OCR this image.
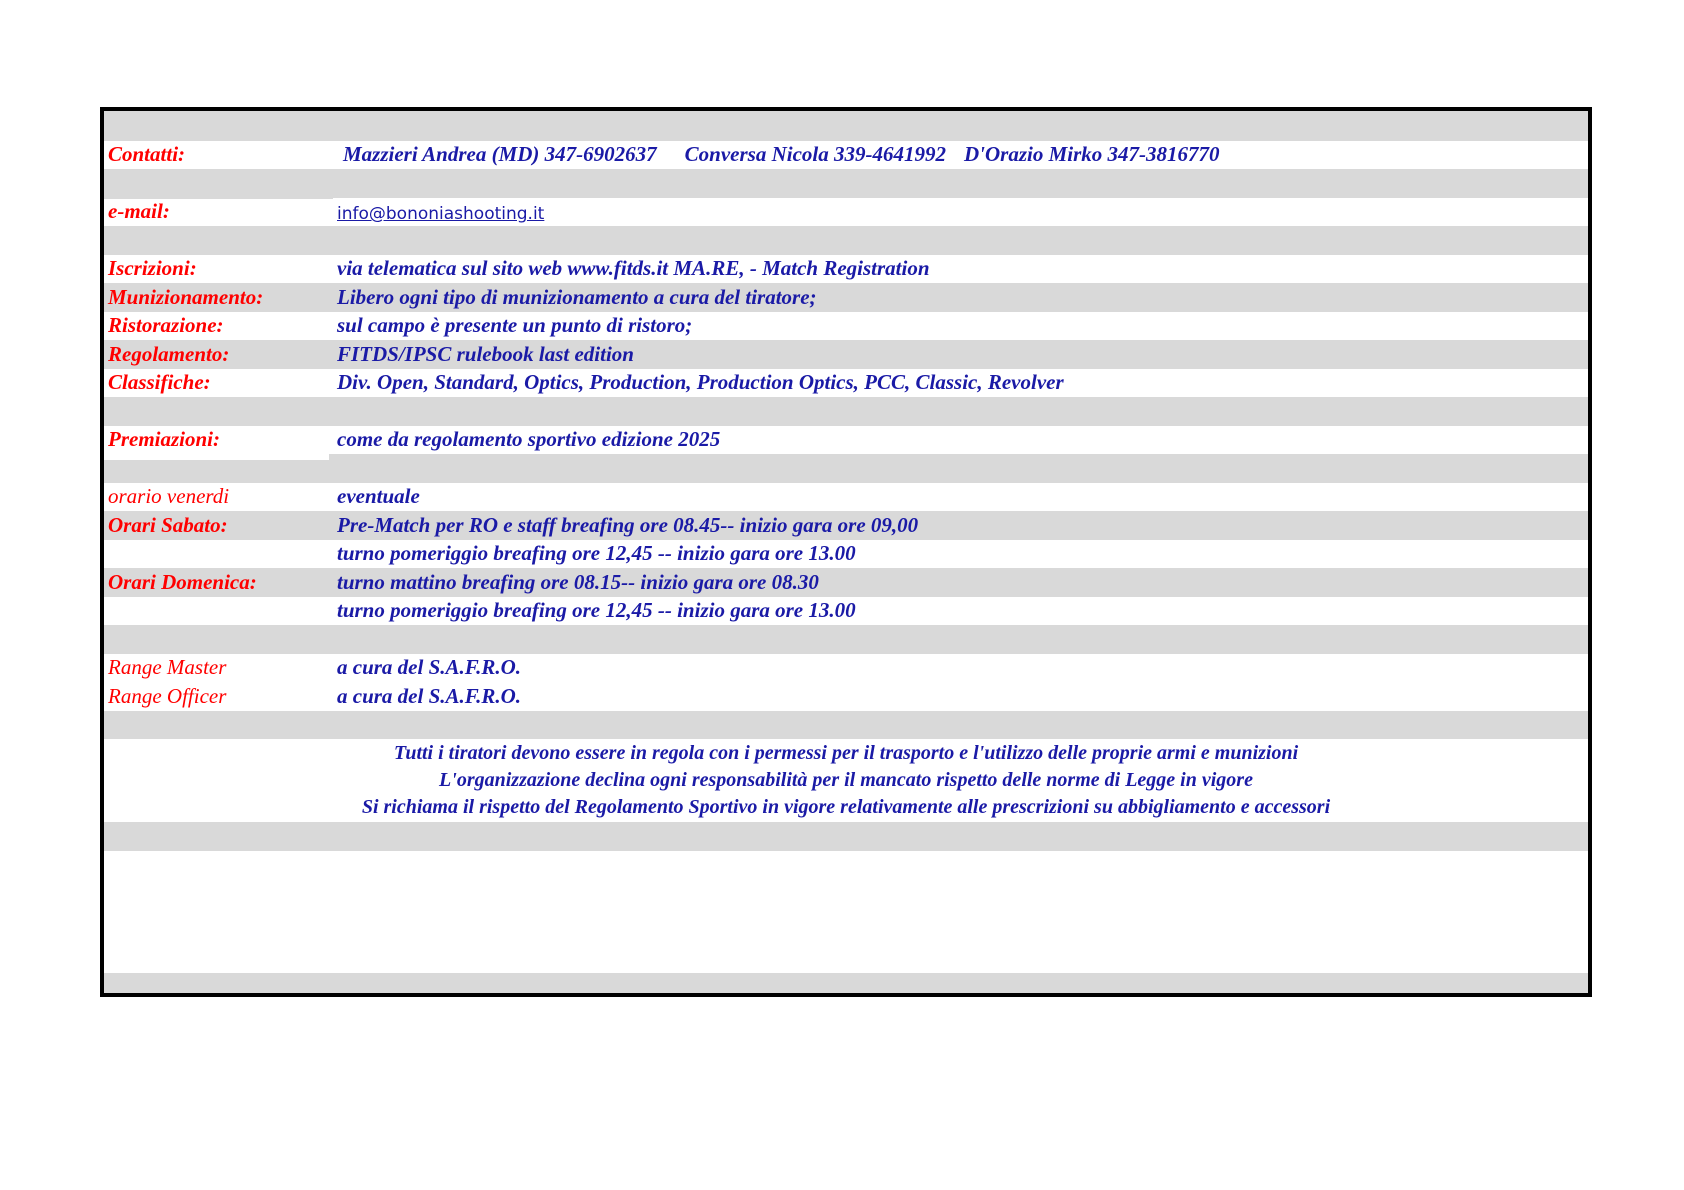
Contatti:	Mazzieri Andrea (MD) 347-6902637 Conversa Nicola 339-4641992 D'Orazio Mirko 347-3816770
e-mail:	info@bononiashooting.it
Iscrizioni:	via telematica sul sito web www.fitds.it MA.RE, - Match Registration
Munizionamento:	Libero ogni tipo di munizionamento a cura del tiratore;
Ristorazione:	sul campo è presente un punto di ristoro;
Regolamento:	FITDS/IPSC rulebook last edition
Classifiche:	Div. Open, Standard, Optics, Production, Production Optics, PCC, Classic, Revolver
Premiazioni:	come da regolamento sportivo edizione 2025
orario venerdi	eventuale
Orari Sabato:	Pre-Match per RO e staff breafing ore 08.45-- inizio gara ore 09,00
turno pomeriggio breafing ore 12,45 -- inizio gara ore 13.00
Orari Domenica:	turno mattino breafing ore 08.15-- inizio gara ore 08.30
turno pomeriggio breafing ore 12,45 -- inizio gara ore 13.00
Range Master	a cura del S.A.F.R.O.
Range Officer	a cura del S.A.F.R.O.
Tutti i tiratori devono essere in regola con i permessi per il trasporto e l'utilizzo delle proprie armi e munizioni
L'organizzazione declina ogni responsabilità per il mancato rispetto delle norme di Legge in vigore
Si richiama il rispetto del Regolamento Sportivo in vigore relativamente alle prescrizioni su abbigliamento e accessori
